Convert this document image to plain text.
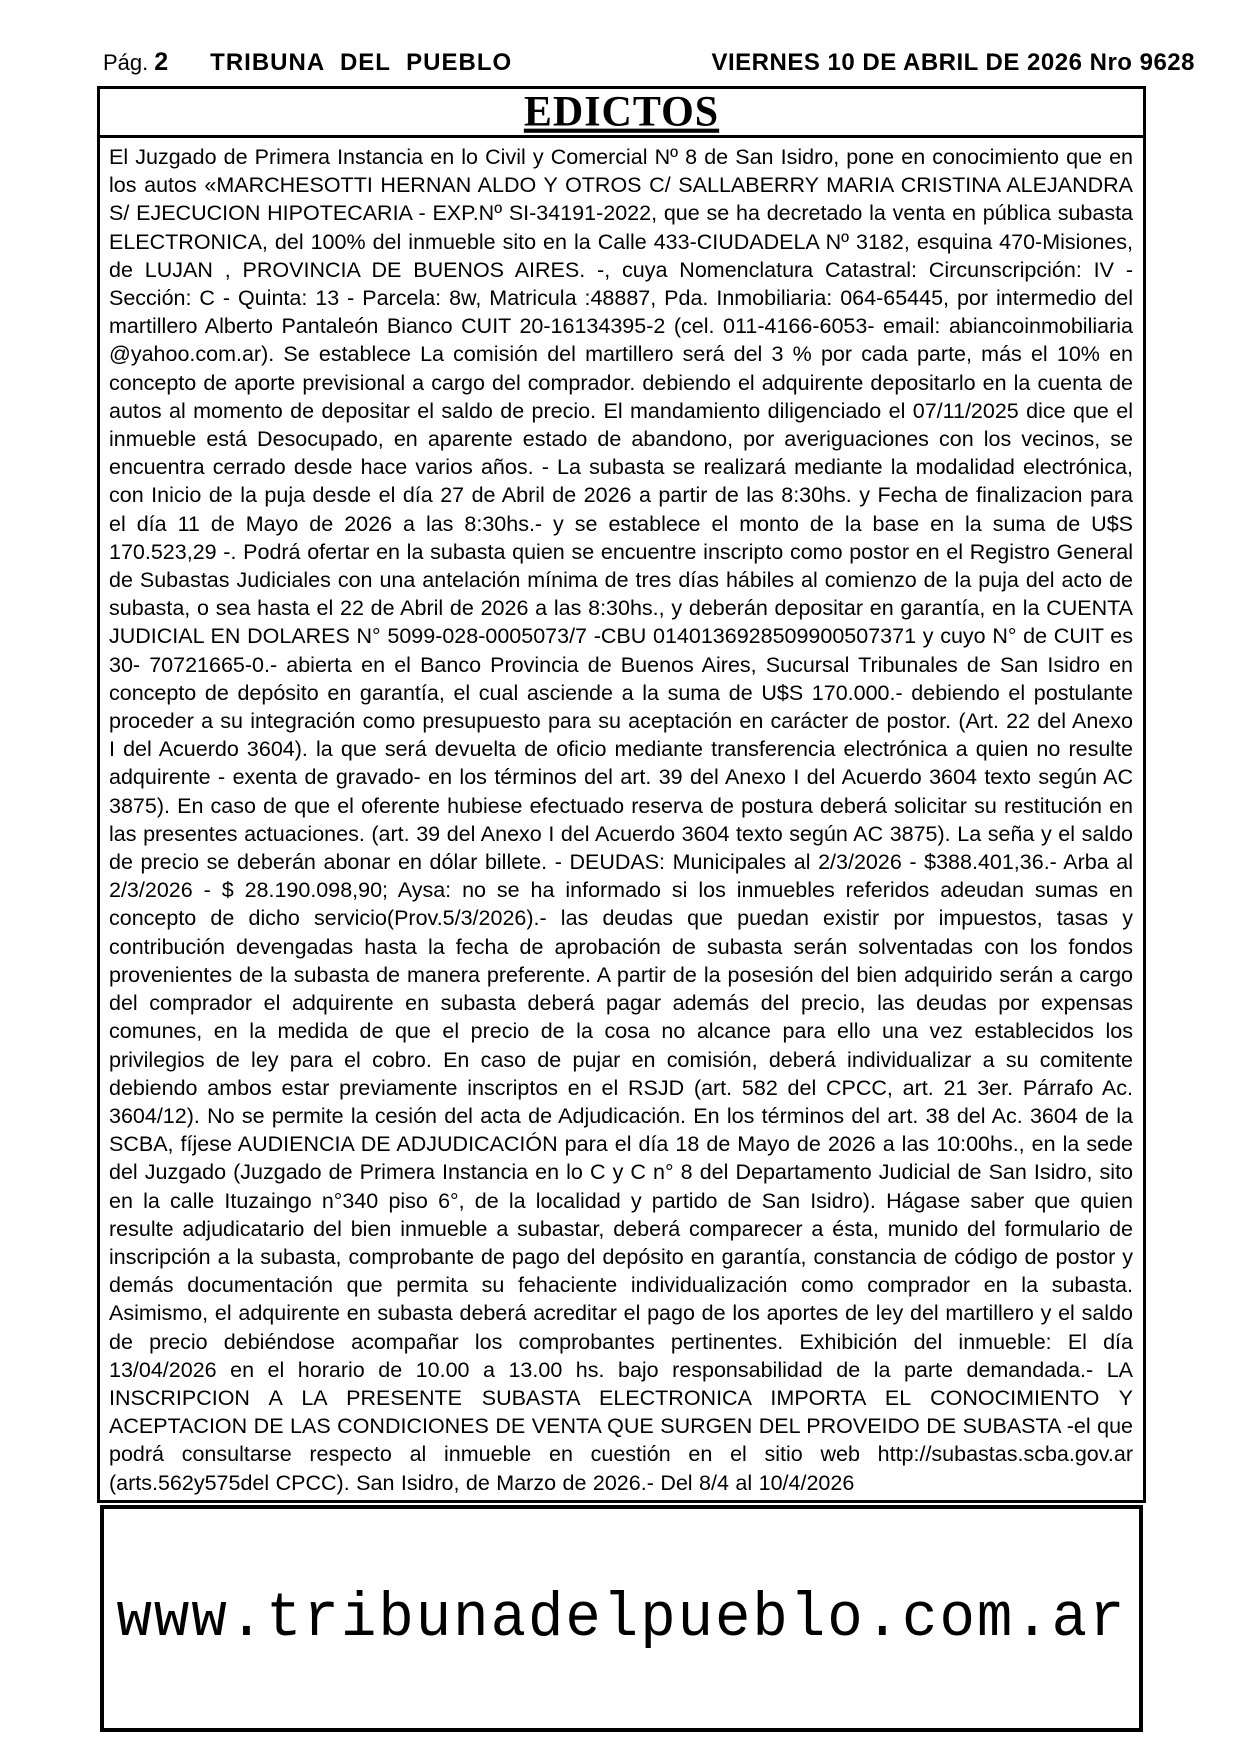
Pág. 2 TRIBUNA DEL PUEBLO	VIERNES 10 DE ABRIL DE 2026 Nro 9628
EDICTOS
El Juzgado de Primera Instancia en lo Civil y Comercial Nº 8 de San Isidro, pone en conocimiento que en los autos «MARCHESOTTI HERNAN ALDO Y OTROS C/ SALLABERRY MARIA CRISTINA ALEJANDRA S/ EJECUCION HIPOTECARIA - EXP.Nº SI-34191-2022, que se ha decretado la venta en pública subasta ELECTRONICA, del 100% del inmueble sito en la Calle 433-CIUDADELA Nº 3182, esquina 470-Misiones, de LUJAN , PROVINCIA DE BUENOS AIRES. -, cuya Nomenclatura Catastral: Circunscripción: IV - Sección: C - Quinta: 13 - Parcela: 8w, Matricula :48887, Pda. Inmobiliaria: 064-65445, por intermedio del martillero Alberto Pantaleón Bianco CUIT 20-16134395-2 (cel. 011-4166-6053- email: abiancoinmobiliaria @yahoo.com.ar). Se establece La comisión del martillero será del 3 % por cada parte, más el 10% en concepto de aporte previsional a cargo del comprador. debiendo el adquirente depositarlo en la cuenta de autos al momento de depositar el saldo de precio. El mandamiento diligenciado el 07/11/2025 dice que el inmueble está Desocupado, en aparente estado de abandono, por averiguaciones con los vecinos, se encuentra cerrado desde hace varios años. - La subasta se realizará mediante la modalidad electrónica, con Inicio de la puja desde el día 27 de Abril de 2026 a partir de las 8:30hs. y Fecha de finalizacion para el día 11 de Mayo de 2026 a las 8:30hs.- y se establece el monto de la base en la suma de U$S 170.523,29 -. Podrá ofertar en la subasta quien se encuentre inscripto como postor en el Registro General de Subastas Judiciales con una antelación mínima de tres días hábiles al comienzo de la puja del acto de subasta, o sea hasta el 22 de Abril de 2026 a las 8:30hs., y deberán depositar en garantía, en la CUENTA JUDICIAL EN DOLARES N° 5099-028-0005073/7 -CBU 0140136928509900507371 y cuyo N° de CUIT es 30- 70721665-0.- abierta en el Banco Provincia de Buenos Aires, Sucursal Tribunales de San Isidro en concepto de depósito en garantía, el cual asciende a la suma de U$S 170.000.- debiendo el postulante proceder a su integración como presupuesto para su aceptación en carácter de postor. (Art. 22 del Anexo I del Acuerdo 3604). la que será devuelta de oficio mediante transferencia electrónica a quien no resulte adquirente - exenta de gravado- en los términos del art. 39 del Anexo I del Acuerdo 3604 texto según AC 3875). En caso de que el oferente hubiese efectuado reserva de postura deberá solicitar su restitución en las presentes actuaciones. (art. 39 del Anexo I del Acuerdo 3604 texto según AC 3875). La seña y el saldo de precio se deberán abonar en dólar billete. - DEUDAS: Municipales al 2/3/2026 - $388.401,36.- Arba al 2/3/2026 - $ 28.190.098,90; Aysa: no se ha informado si los inmuebles referidos adeudan sumas en concepto de dicho servicio(Prov.5/3/2026).- las deudas que puedan existir por impuestos, tasas y contribución devengadas hasta la fecha de aprobación de subasta serán solventadas con los fondos provenientes de la subasta de manera preferente. A partir de la posesión del bien adquirido serán a cargo del comprador el adquirente en subasta deberá pagar además del precio, las deudas por expensas comunes, en la medida de que el precio de la cosa no alcance para ello una vez establecidos los privilegios de ley para el cobro. En caso de pujar en comisión, deberá individualizar a su comitente debiendo ambos estar previamente inscriptos en el RSJD (art. 582 del CPCC, art. 21 3er. Párrafo Ac. 3604/12). No se permite la cesión del acta de Adjudicación. En los términos del art. 38 del Ac. 3604 de la SCBA, fíjese AUDIENCIA DE ADJUDICACIÓN para el día 18 de Mayo de 2026 a las 10:00hs., en la sede del Juzgado (Juzgado de Primera Instancia en lo C y C n° 8 del Departamento Judicial de San Isidro, sito en la calle Ituzaingo n°340 piso 6°, de la localidad y partido de San Isidro). Hágase saber que quien resulte adjudicatario del bien inmueble a subastar, deberá comparecer a ésta, munido del formulario de inscripción a la subasta, comprobante de pago del depósito en garantía, constancia de código de postor y demás documentación que permita su fehaciente individualización como comprador en la subasta. Asimismo, el adquirente en subasta deberá acreditar el pago de los aportes de ley del martillero y el saldo de precio debiéndose acompañar los comprobantes pertinentes. Exhibición del inmueble: El día 13/04/2026 en el horario de 10.00 a 13.00 hs. bajo responsabilidad de la parte demandada.- LA INSCRIPCION A LA PRESENTE SUBASTA ELECTRONICA IMPORTA EL CONOCIMIENTO Y ACEPTACION DE LAS CONDICIONES DE VENTA QUE SURGEN DEL PROVEIDO DE SUBASTA -el que podrá consultarse respecto al inmueble en cuestión en el sitio web http://subastas.scba.gov.ar (arts.562y575del CPCC). San Isidro, de Marzo de 2026.- Del 8/4 al 10/4/2026
www.tribunadelpueblo.com.ar
